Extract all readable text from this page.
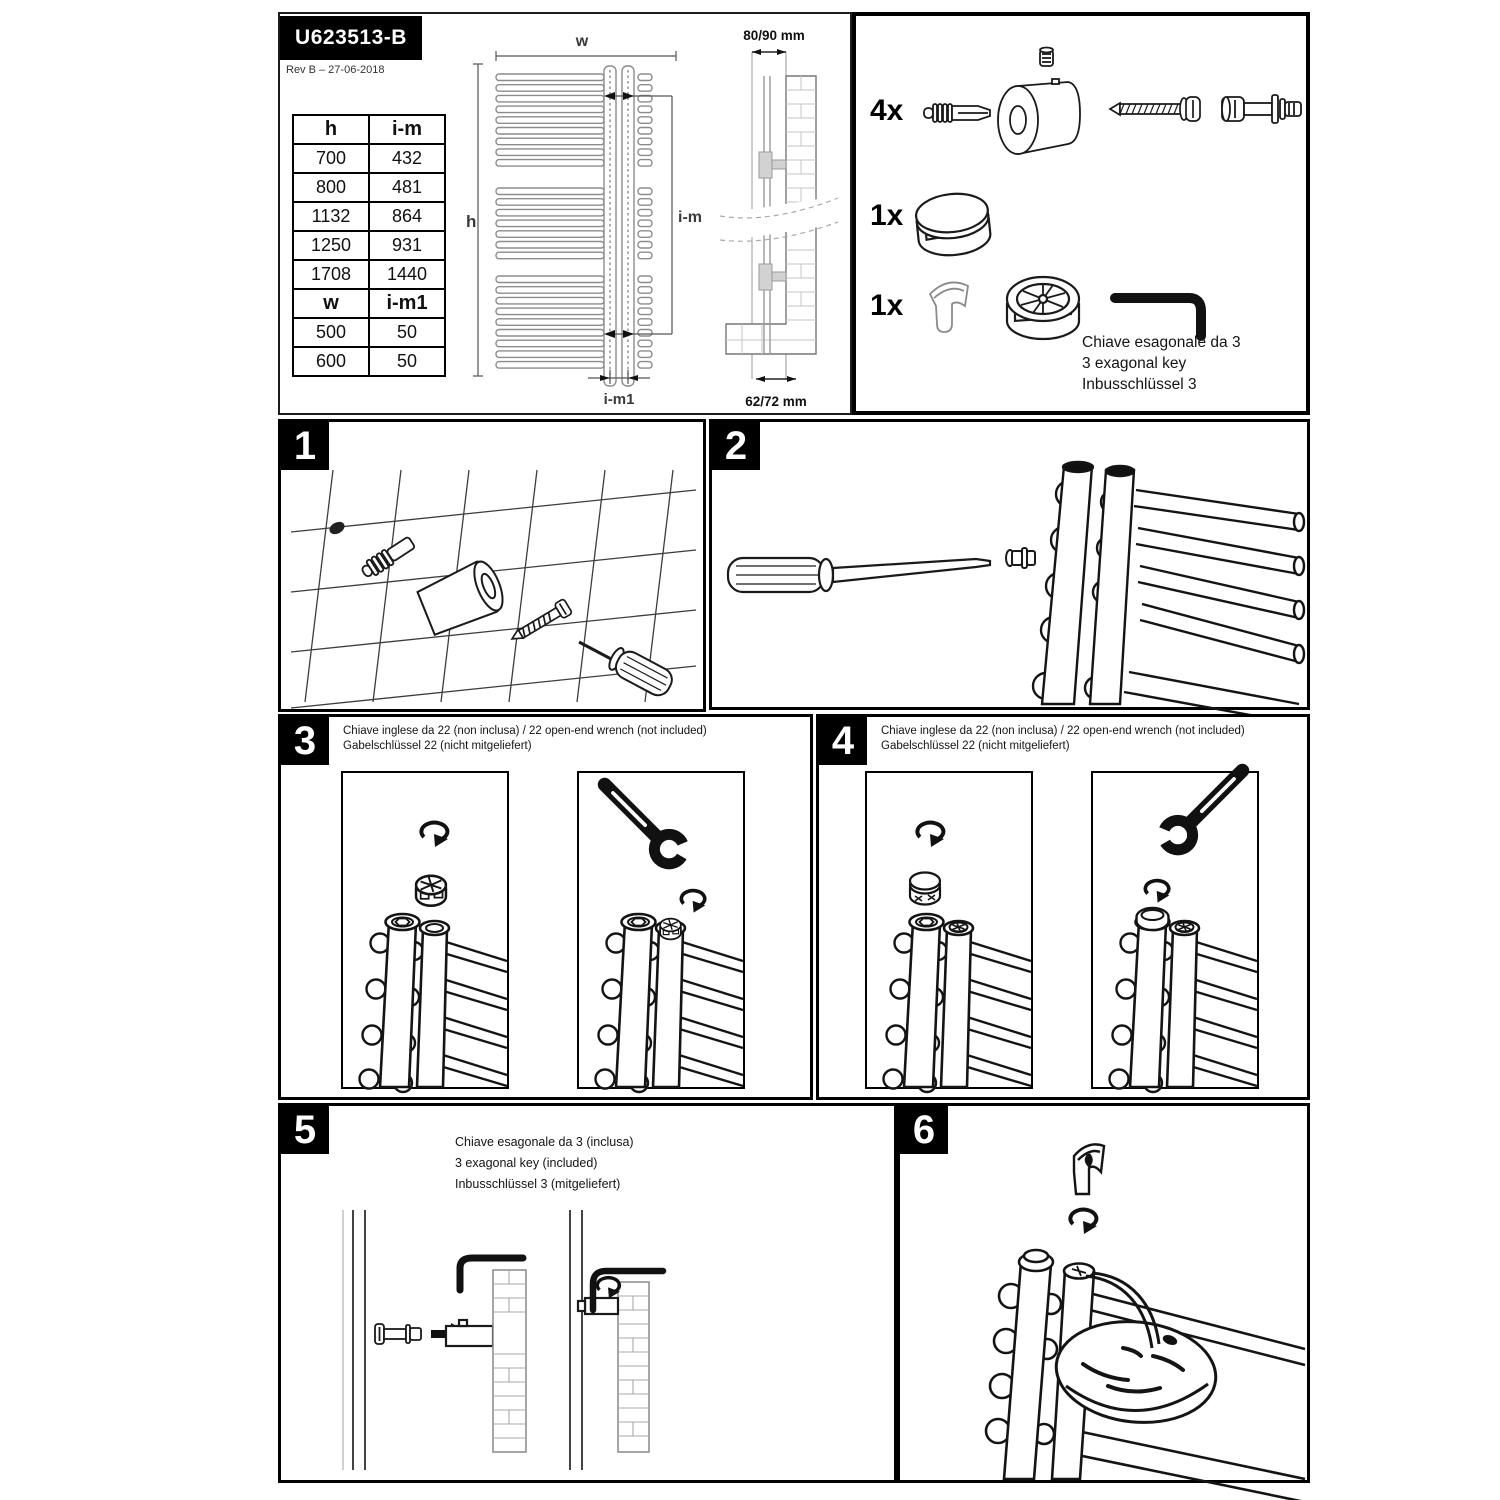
U623513-B
Rev B – 27-06-2018
h	i-m
700	432
800	481
1132	864
1250	931
1708	1440
w	i-m1
500	50
600	50
w
h	i-m
i-m1
80/90 mm
62/72 mm
4x
1x
1x
Chiave esagonale da 3
3 exagonal key
Inbusschlüssel 3
1	2
3	Chiave inglese da 22 (non inclusa) / 22 open-end wrench (not included)
Gabelschlüssel 22 (nicht mitgeliefert)	4	Chiave inglese da 22 (non inclusa) / 22 open-end wrench (not included)
Gabelschlüssel 22 (nicht mitgeliefert)
5	Chiave esagonale da 3 (inclusa)
3 exagonal key (included)
Inbusschlüssel 3 (mitgeliefert)
6
